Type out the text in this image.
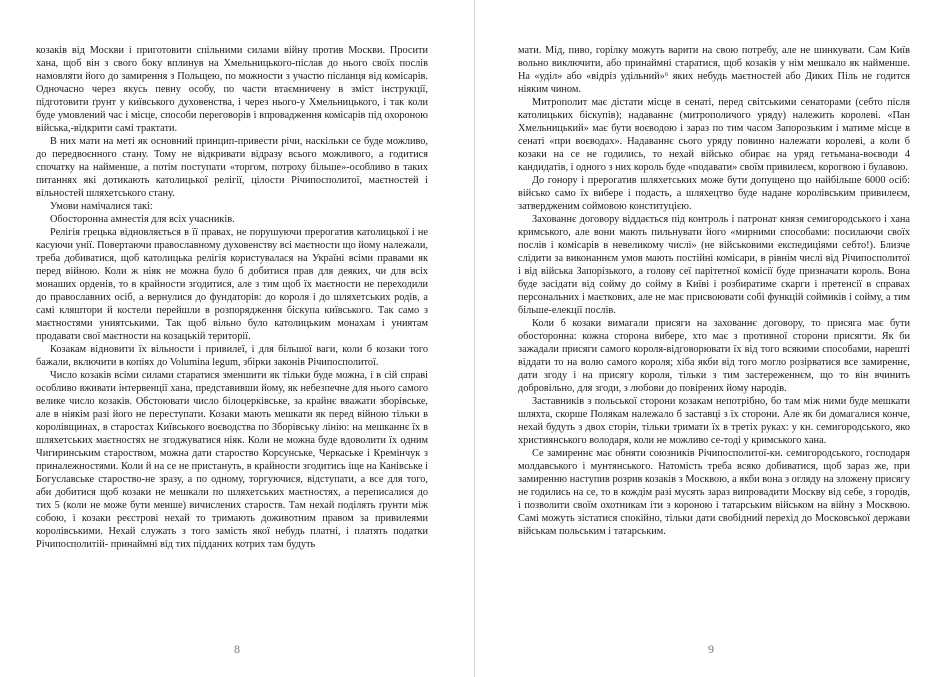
козаків від Москви і приготовити спільними силами війну против Москви. Просити хана, щоб він з свого боку вплинув на Хмельницького-післав до нього своїх послів намовляти його до замирення з Польщею, по можности з участю післанця від комісарів. Одночасно через якусь певну особу, по части втаємничену в зміст інструкції, підготовити ґрунт у київського духовенства, і через нього-у Хмельницького, і так коли буде умовлений час і місце, способи переговорів і впровадження комісарів під охороною війська,-відкрити самі трактати.

В них мати на меті як основний принцип-привести річи, наскільки се буде можливо, до передвоєнного стану. Тому не відкривати відразу всього можливого, а годитися спочатку на найменше, а потім поступати «торгом, потроху більше»-особливо в таких питаннях які дотикають католицької релігії, цілости Річипосполитої, маєтностей і вільностей шляхетського стану.

Умови намічалися такі:

Обосторонна амнестія для всіх учасників.

Релігія грецька відновляється в її правах, не порушуючи прерогатив католицької і не касуючи унії. Повертаючи православному духовенству всі маєтности що йому належали, треба добиватися, щоб католицька релігія користувалася на Україні всіми правами як перед війною. Коли ж ніяк не можна було б добитися прав для деяких, чи для всіх монаших орденів, то в крайности згодитися, але з тим щоб їх маєтности не переходили до православних осіб, а вернулися до фундаторів: до короля і до шляхетських родів, а самі кляштори й костели перейшли в розпорядження біскупа київського. Так само з маєтностями униятськими. Так щоб вільно було католицьким монахам і униятам продавати свої маєтности на козацькій території.

Козакам відновити їх вільности і привилеї, і для більшої ваги, коли б козаки того бажали, включити в копіях до Volumina legum, збірки законів Річипосполитої.

Число козаків всіми силами старатися зменшити як тільки буде можна, і в сій справі особливо вживати інтервенції хана, представивши йому, як небезпечне для нього самого велике число козаків. Обстоювати число білоцерківське, за крайнє вважати зборівське, але в ніякім разі його не переступати. Козаки мають мешкати як перед війною тільки в королівщинах, в старостах Київського воєводства по Зборівську лінію: на мешканнє їх в шляхетських маєтностях не згоджуватися ніяк. Коли не можна буде вдоволити їх одним Чигиринським староством, можна дати староство Корсунське, Черкаське і Кремінчук з приналежностями. Коли й на се не пристануть, в крайности згодитись іще на Канівське і Богуславське староство-не зразу, а по одному, торгуючися, відступати, а все для того, аби добитися щоб козаки не мешкали по шляхетських маєтностях, а переписалися до тих 5 (коли не може бути менше) вичислених староств. Там нехай поділять ґрунти між собою, і козаки реєстрові нехай то тримають доживотним правом за привилеями королівськими. Нехай служать з того замість якої небудь платні, і платять податки Річипосполитій- принаймні від тих підданих котрих там будуть

8

мати. Мід, пиво, горілку можуть варити на свою потребу, але не шинкувати. Сам Київ вольно виключити, або принаймні старатися, щоб козаків у нім мешкало як найменше. На «уділ» або «відріз удільний»⁶ яких небудь маєтностей або Диких Піль не годится ніяким чином.

Митрополит має дістати місце в сенаті, перед світськими сенаторами (себто після католицьких біскупів); надаваннє (митрополичого уряду) належить королеві. «Пан Хмельницький» має бути воєводою і зараз по тим часом Запорозьким і матиме місце в сенаті «при воєводах». Надаваннє сього уряду повинно належати королеві, а коли б козаки на се не годились, то нехай військо обирає на уряд гетьмана-воєводи 4 кандидатів, і одного з них король буде «подавати» своїм привилеєм, корогвою і булавою.

До гонору і прерогатив шляхетських може бути допущено що найбільше 6000 осіб: військо само їх вибере і подасть, а шляхецтво буде надане королівським привилеєм, затвердженим соймовою конституцією.

Захованнє договору віддається під контроль і патронат князя семигородського і хана кримського, але вони мають пильнувати його «мирними способами: посилаючи своїх послів і комісарів в невеликому числі» (не військовими експедиціями себто!). Близче слідити за виконаннєм умов мають постійні комісари, в рівнім числі від Річипосполитої і від війська Запорізького, а голову сеї парітетної комісії буде призначати король. Вона буде засідати від сойму до сойму в Київі і розбиратиме скарги і претенсії в справах персональних і маєткових, але не має присвоювати собі функцій соймиків і сойму, а тим більше-елекції послів.

Коли б козаки вимагали присяги на захованнє договору, то присяга має бути обосторонна: кожна сторона вибере, хто має з противної сторони присягти. Як би зажадали присяги самого короля-відговорювати їх від того всякими способами, нарешті віддати то на волю самого короля; хіба якби від того могло розірватися все замиреннє, дати згоду і на присягу короля, тільки з тим застереженнєм, що то він вчинить добровільно, для згоди, з любови до повірених йому народів.

Заставників з польської сторони козакам непотрібно, бо там між ними буде мешкати шляхта, скорше Полякам належало б заставці з їх сторони. Але як би домагалися конче, нехай будуть з двох сторін, тільки тримати їх в третіх руках: у кн. семигородського, яко християнського володаря, коли не можливо се-тоді у кримського хана.

Се замиреннє має обняти союзників Річипосполитої-кн. семигородського, господаря молдавського і мунтянського. Натомість треба всяко добиватися, щоб зараз же, при замиренню наступив розрив козаків з Москвою, а якби вона з огляду на зложену присягу не годились на се, то в кождім разі мусять зараз випровадити Москву від себе, з городів, і позволити своїм охотникам іти з короною і татарським військом на війну з Москвою. Самі можуть зістатися спокійно, тільки дати свобідний перехід до Московської держави військам польським і татарським.

9
